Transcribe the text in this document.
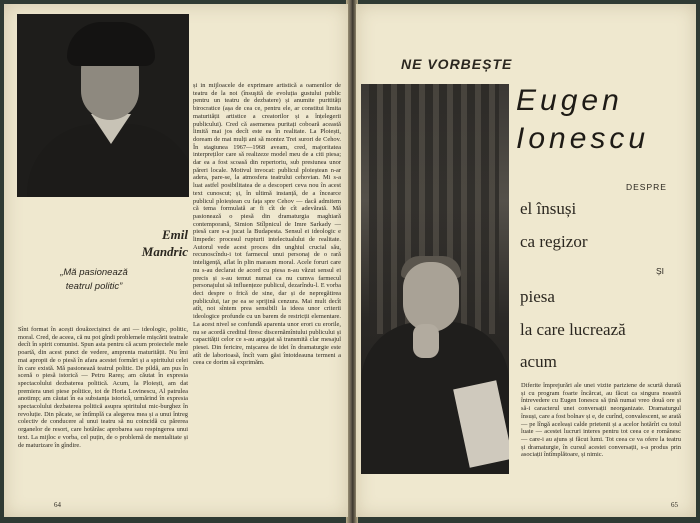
și in mijloacele de exprimare artistică a oamenilor de teatru de la noi (însuşită de evoluția gustului public pentru un teatru de dezbatere) și anumite puritități birocratice (așa de cea ce, pentru ele, ar constitui limita maturității artistice a creatorilor și a înțelegerii publicului). Cred că asemenea puritați coboară această limită mai jos decît este ea în realitate. La Ploiești, doream de mai mulți ani să montez Trei surori de Cehov. În stagiunea 1967—1968 aveam, cred, majoritatea interpreților care să realizeze model meu de a citi piesa; dar ea a fost scoasă din repertoriu, sub presiunea unor păreri locale. Motivul invocat: publicul ploieștean n-ar adera, pare-se, la atmosfera teatrului cehovian. Mi s-a luat astfel posibilitatea de a descoperi ceva nou în acest text cunoscut; și, în ultimă instanță, de a încearce publicul ploieștean cu fața spre Cehov — dacă admitem că tema formulată ar fi cît de cît adevărată. Mă pasionează o piesă din dramaturgia maghiară contemporană, Simion Stîlpnicul de Imre Sarkady — piesă care s-a jucat la Budapesta. Sensul ei ideologic e limpede: procesul rupturii intelectualului de realitate. Autorul vede acest proces din unghiul crucial său, recunoscîndu-i tot farmecul unui personaj de o rară inteligență, aflat în plin marasm moral. Acele foruri care nu s-au declarat de acord cu piesa n-au văzut sensul ei precis și s-au temut numai ca nu cumva farmecul personajului să influențeze publicul, dezarîndu-l. E vorba deci despre o frică de sine, dar și de nepregătirea publicului, iar pe ea se sprijină cenzura. Mai mult decît atît, noi sîntem prea sensibili la ideea unor criterii ideologice profunde cu un barem de restricții elementare. La acest nivel se confundă aparenta unor erori cu erorile, nu se acordă creditul firesc discernămîntului publicului și capacității celor ce s-au angajat să transmită clar mesajul piesei. Din fericire, mișcarea de idei în dramaturgie este atît de laborioasă, încît vam găsi întotdeauna termeni a ceea ce dorim să exprimăm.

Emil
Mandric
„Mă pasionează
teatrul politic”

Sînt format în acești douăzecișinci de ani — ideologic, politic, moral. Cred, de aceea, că nu pot gîndi problemele mișcării teatrale decît în spirit comunist. Spun asta pentru că acum proiectele mele poartă, din acest punct de vedere, amprenta maturității. Nu îmi mai apropii de o piesă în afara acestei formări și a spiritului celei în care există. Mă pasionează teatrul politic. De pildă, am pus în scenă o piesă istorică — Petru Rareș; am căutat în expresia spectacolului dezbaterea politică. Acum, la Ploiești, am dat premiera unei piese politice, tot de Horia Lovinescu, Al patrulea anotimp; am căutat în ea substanța istorică, urmărind în expresia spectacolului dezbaterea politică asupra spiritului mic-burghez în revoluție. Din păcate, se întîmplă ca alegerea mea și a unui întreg colectiv de conducere al unui teatru să nu coincidă cu părerea organelor de resort, care hotărăsc aprobarea sau respingerea unui text. La mijloc e vorba, cel puțin, de o problemă de mentalitate și de maturizare în gîndire.

64
NE VORBEȘTE
Eugen
Ionescu
DESPRE
el însuși
ca regizor
ȘI
piesa
la care lucrează
acum

Diferite împrejurări ale unei vizite pariziene de scurtă durată și cu program foarte încărcat, au făcut ca singura noastră întrevedere cu Eugen Ionescu să țină numai vreo două ore și să-i caracterul unei conversații neorganizate. Dramaturgul însuși, care a fost bolnav și e, de curînd, convalescent, se arată — pe lîngă aceleași calde prietenii și a acelor hotărîri cu totul luate — acestei lucruri interes pentru tot ceea ce e românesc — care-i au ajuns și făcut lumi. Tot ceea ce va ofere la teatru și dramaturgie, în cursul acestei conversații, s-a produs prin asociații întîmplătoare, și nimic.

65
